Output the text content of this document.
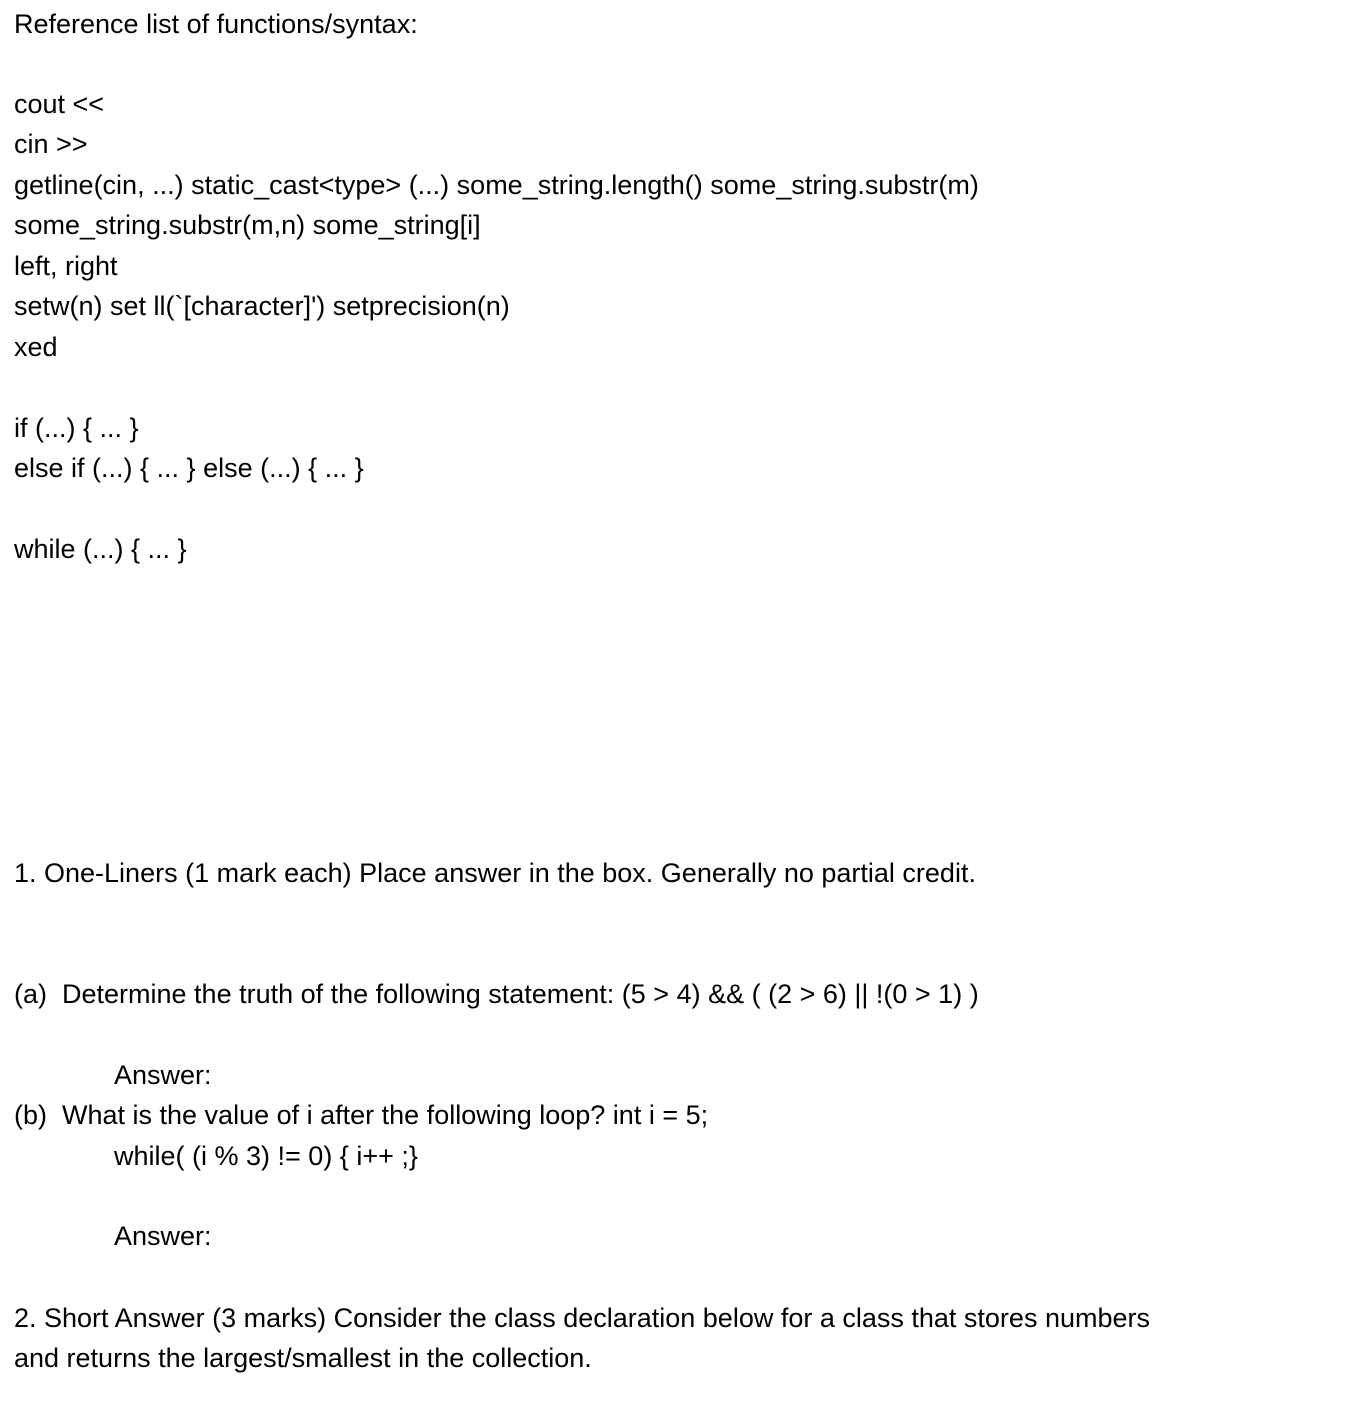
Reference list of functions/syntax:
cout <<
cin >>
getline(cin, ...) static_cast<type> (...) some_string.length() some_string.substr(m)
some_string.substr(m,n) some_string[i]
left, right
setw(n) set ll(`[character]') setprecision(n)
xed
if (...) { ... }
else if (...) { ... } else (...) { ... }
while (...) { ... }
1. One-Liners (1 mark each) Place answer in the box. Generally no partial credit.
(a)  Determine the truth of the following statement: (5 > 4) && ( (2 > 6) || !(0 > 1) )
Answer:
(b)  What is the value of i after the following loop? int i = 5;
while( (i % 3) != 0) { i++ ;}
Answer:
2. Short Answer (3 marks) Consider the class declaration below for a class that stores numbers
and returns the largest/smallest in the collection.
